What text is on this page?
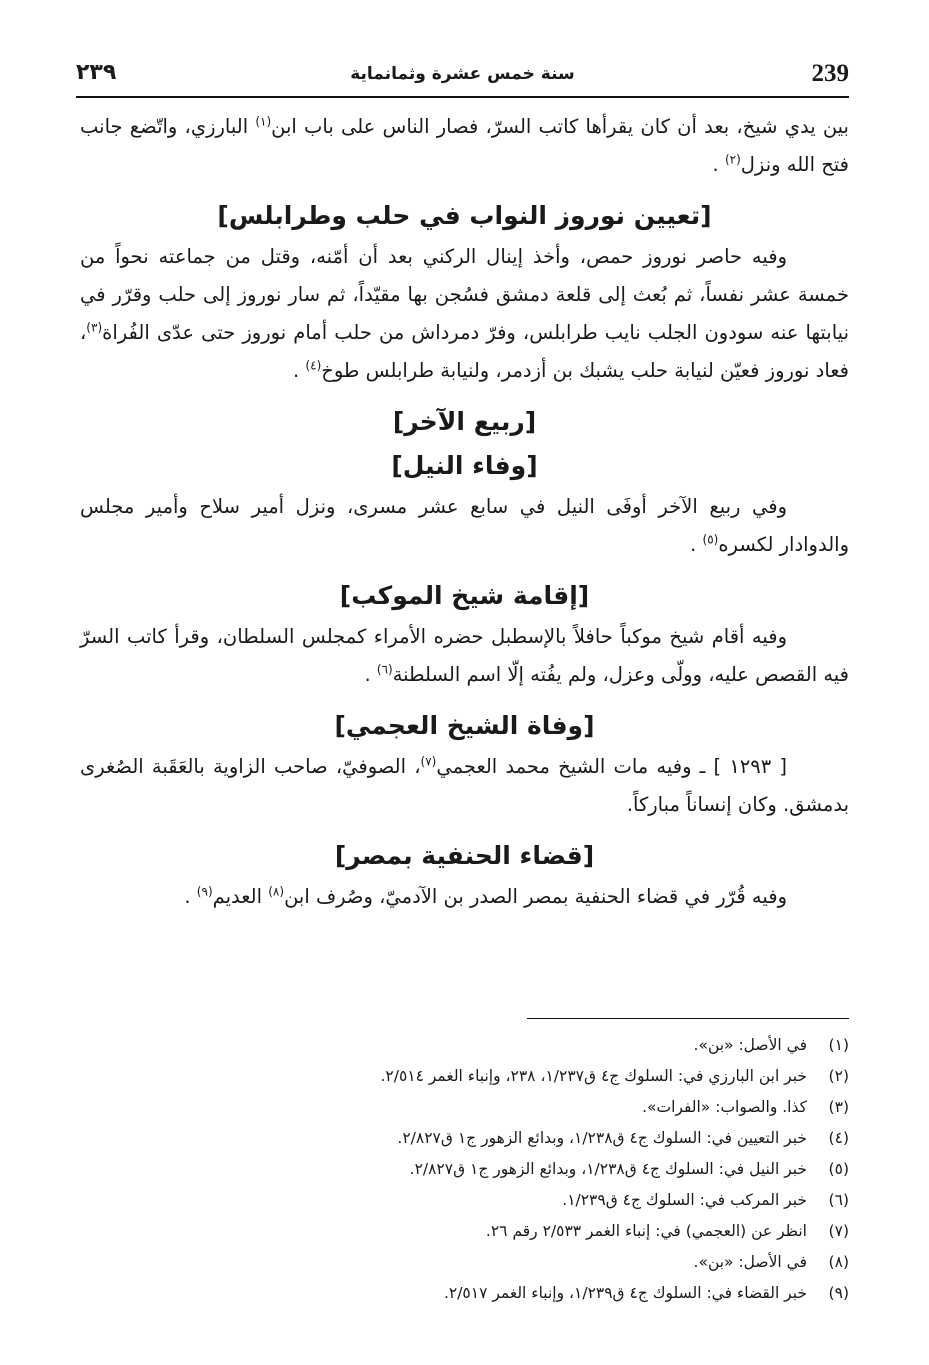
239
سنة خمس عشرة وثمانماية
٢٣٩

بين يدي شيخ، بعد أن كان يقرأها كاتب السرّ، فصار الناس على باب ابن$^{(١)}$ البارزي، واتّضع جانب فتح الله ونزل$^{(٢)}$ .

[تعيين نوروز النواب في حلب وطرابلس]

وفيه حاصر نوروز حمص، وأخذ إينال الركني بعد أن أمّنه، وقتل من جماعته نحواً من خمسة عشر نفساً، ثم بُعث إلى قلعة دمشق فسُجن بها مقيّداً، ثم سار نوروز إلى حلب وقرّر في نيابتها عنه سودون الجلب نايب طرابلس، وفرّ دمرداش من حلب أمام نوروز حتى عدّى الفُراة$^{(٣)}$، فعاد نوروز فعيّن لنيابة حلب يشبك بن أزدمر، ولنيابة طرابلس طوخ$^{(٤)}$ .

[ربيع الآخر]
[وفاء النيل]

وفي ربيع الآخر أوفَى النيل في سابع عشر مسرى، ونزل أمير سلاح وأمير مجلس والدوادار لكسره$^{(٥)}$ .

[إقامة شيخ الموكب]

وفيه أقام شيخ موكباً حافلاً بالإسطبل حضره الأمراء كمجلس السلطان، وقرأ كاتب السرّ فيه القصص عليه، وولّى وعزل، ولم يفُته إلّا اسم السلطنة$^{(٦)}$ .

[وفاة الشيخ العجمي]

[ ١٢٩٣ ] ـ وفيه مات الشيخ محمد العجمي$^{(٧)}$، الصوفيّ، صاحب الزاوية بالعَقَبة الصُغرى بدمشق. وكان إنساناً مباركاً.

[قضاء الحنفية بمصر]

وفيه قُرّر في قضاء الحنفية بمصر الصدر بن الآدميّ، وصُرف ابن$^{(٨)}$ العديم$^{(٩)}$ .

(١)في الأصل: «بن».
(٢)خبر ابن البارزي في: السلوك ج٤ ق١/٢٣٧، ٢٣٨، وإنباء الغمر ٢/٥١٤.
(٣)كذا. والصواب: «الفرات».
(٤)خبر التعيين في: السلوك ج٤ ق١/٢٣٨، وبدائع الزهور ج١ ق٢/٨٢٧.
(٥)خبر النيل في: السلوك ج٤ ق١/٢٣٨، وبدائع الزهور ج١ ق٢/٨٢٧.
(٦)خبر المركب في: السلوك ج٤ ق١/٢٣٩.
(٧)انظر عن (العجمي) في: إنباء الغمر ٢/٥٣٣ رقم ٢٦.
(٨)في الأصل: «بن».
(٩)خبر القضاء في: السلوك ج٤ ق١/٢٣٩، وإنباء الغمر ٢/٥١٧.
